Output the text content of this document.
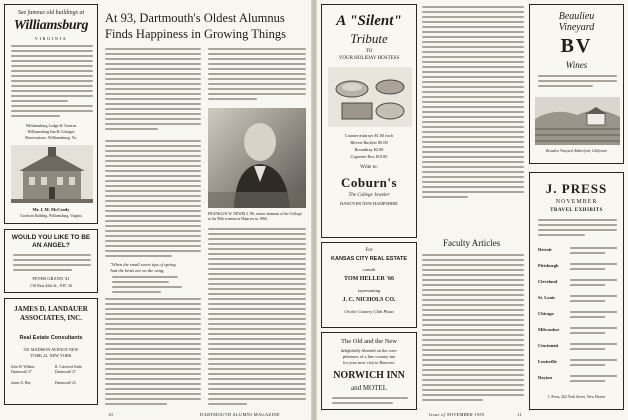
See famous old buildings at
Williamsburg
VIRGINIA
Williamsburg Lodge & Taverns
Williamsburg Inn & Cottages
Reservations: Williamsburg, Va.
Mr. I. M. McCrady
Goodwin Building, Williamsburg, Virginia
WOULD YOU LIKE TO BE AN ANGEL?
PETER GRANN '41
130 West 42th St., NYC 36
JAMES D. LANDAUER ASSOCIATES, INC.
Real Estate Consultants
501 MADISON AVENUE NEW YORK 22, NEW YORK
John W. Wilkins Dartmouth '27
B. Crawford Sodie Dartmouth '27
James A. Hay	Dartmouth '23
At 93, Dartmouth's Oldest Alumnus
Finds Happiness in Growing Things
"When the small sweet tips of spring
And the birds are on the wing,
FRANKLIN W. NEWELL '86, senior alumnus of the College, at his 90th reunion in Hanover in 1966.
10	DARTMOUTH ALUMNI MAGAZINE
A "Silent"
Tribute
TO
YOUR HOLIDAY HOSTESS
Coaster-ashtrays $1.00 each
Bilvert Buckler $5.00
Roundtray $2.00
Cigarette Box $10.00
Write to:
Coburn's
The College Jeweler
HANOVER NEW HAMPSHIRE
For
KANSAS CITY REAL ESTATE
consult
TOM HELLER '66
representing
J. C. NICHOLS CO.
On the Country Club Plaza
The Old and the New
delightfully blended on the com-
pleteness of a fine country inn
for your next visit to Hanover.
NORWICH INN
and MOTEL
Faculty Articles
Beaulieu Vineyard
BV
Wines
Beaulieu Vineyard, Rutherford, California
J. PRESS
NOVEMBER
TRAVEL EXHIBITS
Detroit
Pittsburgh
Cleveland
St. Louis
Chicago
Milwaukee
Cincinnati
Louisville
Dayton
J. Press, 262 York Street, New Haven
Issue of NOVEMBER 1955	11
